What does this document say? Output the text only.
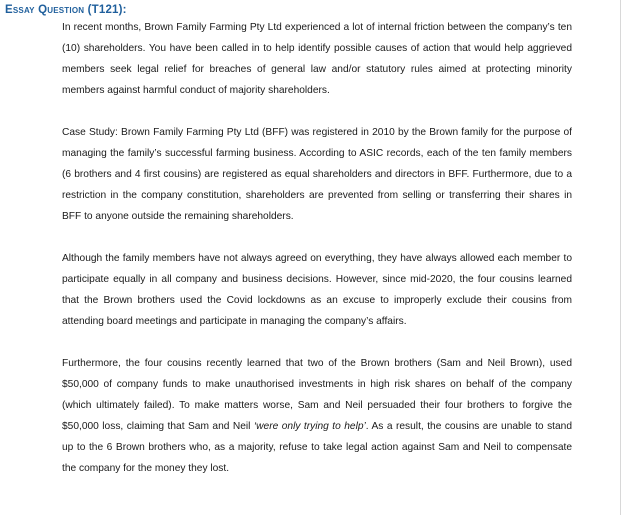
Essay Question (T121):

In recent months, Brown Family Farming Pty Ltd experienced a lot of internal friction between the company’s ten (10) shareholders. You have been called in to help identify possible causes of action that would help aggrieved members seek legal relief for breaches of general law and/or statutory rules aimed at protecting minority members against harmful conduct of majority shareholders.

Case Study: Brown Family Farming Pty Ltd (BFF) was registered in 2010 by the Brown family for the purpose of managing the family’s successful farming business. According to ASIC records, each of the ten family members (6 brothers and 4 first cousins) are registered as equal shareholders and directors in BFF. Furthermore, due to a restriction in the company constitution, shareholders are prevented from selling or transferring their shares in BFF to anyone outside the remaining shareholders.

Although the family members have not always agreed on everything, they have always allowed each member to participate equally in all company and business decisions. However, since mid-2020, the four cousins learned that the Brown brothers used the Covid lockdowns as an excuse to improperly exclude their cousins from attending board meetings and participate in managing the company’s affairs.

Furthermore, the four cousins recently learned that two of the Brown brothers (Sam and Neil Brown), used $50,000 of company funds to make unauthorised investments in high risk shares on behalf of the company (which ultimately failed). To make matters worse, Sam and Neil persuaded their four brothers to forgive the $50,000 loss, claiming that Sam and Neil ‘were only trying to help’. As a result, the cousins are unable to stand up to the 6 Brown brothers who, as a majority, refuse to take legal action against Sam and Neil to compensate the company for the money they lost.
